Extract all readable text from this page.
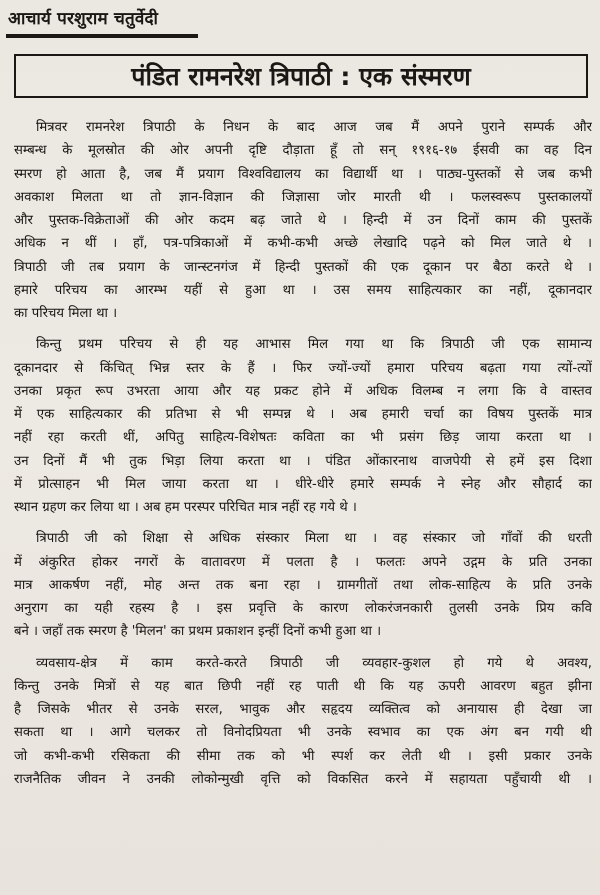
आचार्य परशुराम चतुर्वेदी
पंडित रामनरेश त्रिपाठी : एक संस्मरण
मित्रवर रामनरेश त्रिपाठी के निधन के बाद आज जब मैं अपने पुराने सम्पर्क और
सम्बन्ध के मूलस्रोत की ओर अपनी दृष्टि दौड़ाता हूँ तो सन् १९१६-१७ ईसवी का वह दिन
स्मरण हो आता है, जब मैं प्रयाग विश्वविद्यालय का विद्यार्थी था । पाठ्य-पुस्तकों से जब कभी
अवकाश मिलता था तो ज्ञान-विज्ञान की जिज्ञासा जोर मारती थी । फलस्वरूप पुस्तकालयों
और पुस्तक-विक्रेताओं की ओर कदम बढ़ जाते थे । हिन्दी में उन दिनों काम की पुस्तकें
अधिक न थीं । हाँ, पत्र-पत्रिकाओं में कभी-कभी अच्छे लेखादि पढ़ने को मिल जाते थे ।
त्रिपाठी जी तब प्रयाग के जान्स्टनगंज में हिन्दी पुस्तकों की एक दूकान पर बैठा करते थे ।
हमारे परिचय का आरम्भ यहीं से हुआ था । उस समय साहित्यकार का नहीं, दूकानदार
का परिचय मिला था ।
किन्तु प्रथम परिचय से ही यह आभास मिल गया था कि त्रिपाठी जी एक सामान्य
दूकानदार से किंचित् भिन्न स्तर के हैं । फिर ज्यों-ज्यों हमारा परिचय बढ़ता गया त्यों-त्यों
उनका प्रकृत रूप उभरता आया और यह प्रकट होने में अधिक विलम्ब न लगा कि वे वास्तव
में एक साहित्यकार की प्रतिभा से भी सम्पन्न थे । अब हमारी चर्चा का विषय पुस्तकें मात्र
नहीं रहा करती थीं, अपितु साहित्य-विशेषतः कविता का भी प्रसंग छिड़ जाया करता था ।
उन दिनों मैं भी तुक भिड़ा लिया करता था । पंडित ओंकारनाथ वाजपेयी से हमें इस दिशा
में प्रोत्साहन भी मिल जाया करता था । धीरे-धीरे हमारे सम्पर्क ने स्नेह और सौहार्द का
स्थान ग्रहण कर लिया था । अब हम परस्पर परिचित मात्र नहीं रह गये थे ।
त्रिपाठी जी को शिक्षा से अधिक संस्कार मिला था । वह संस्कार जो गाँवों की धरती
में अंकुरित होकर नगरों के वातावरण में पलता है । फलतः अपने उद्गम के प्रति उनका
मात्र आकर्षण नहीं, मोह अन्त तक बना रहा । ग्रामगीतों तथा लोक-साहित्य के प्रति उनके
अनुराग का यही रहस्य है । इस प्रवृत्ति के कारण लोकरंजनकारी तुलसी उनके प्रिय कवि
बने । जहाँ तक स्मरण है 'मिलन' का प्रथम प्रकाशन इन्हीं दिनों कभी हुआ था ।
व्यवसाय-क्षेत्र में काम करते-करते त्रिपाठी जी व्यवहार-कुशल हो गये थे अवश्य,
किन्तु उनके मित्रों से यह बात छिपी नहीं रह पाती थी कि यह ऊपरी आवरण बहुत झीना
है जिसके भीतर से उनके सरल, भावुक और सहृदय व्यक्तित्व को अनायास ही देखा जा
सकता था । आगे चलकर तो विनोदप्रियता भी उनके स्वभाव का एक अंग बन गयी थी
जो कभी-कभी रसिकता की सीमा तक को भी स्पर्श कर लेती थी । इसी प्रकार उनके
राजनैतिक जीवन ने उनकी लोकोन्मुखी वृत्ति को विकसित करने में सहायता पहुँचायी थी ।
